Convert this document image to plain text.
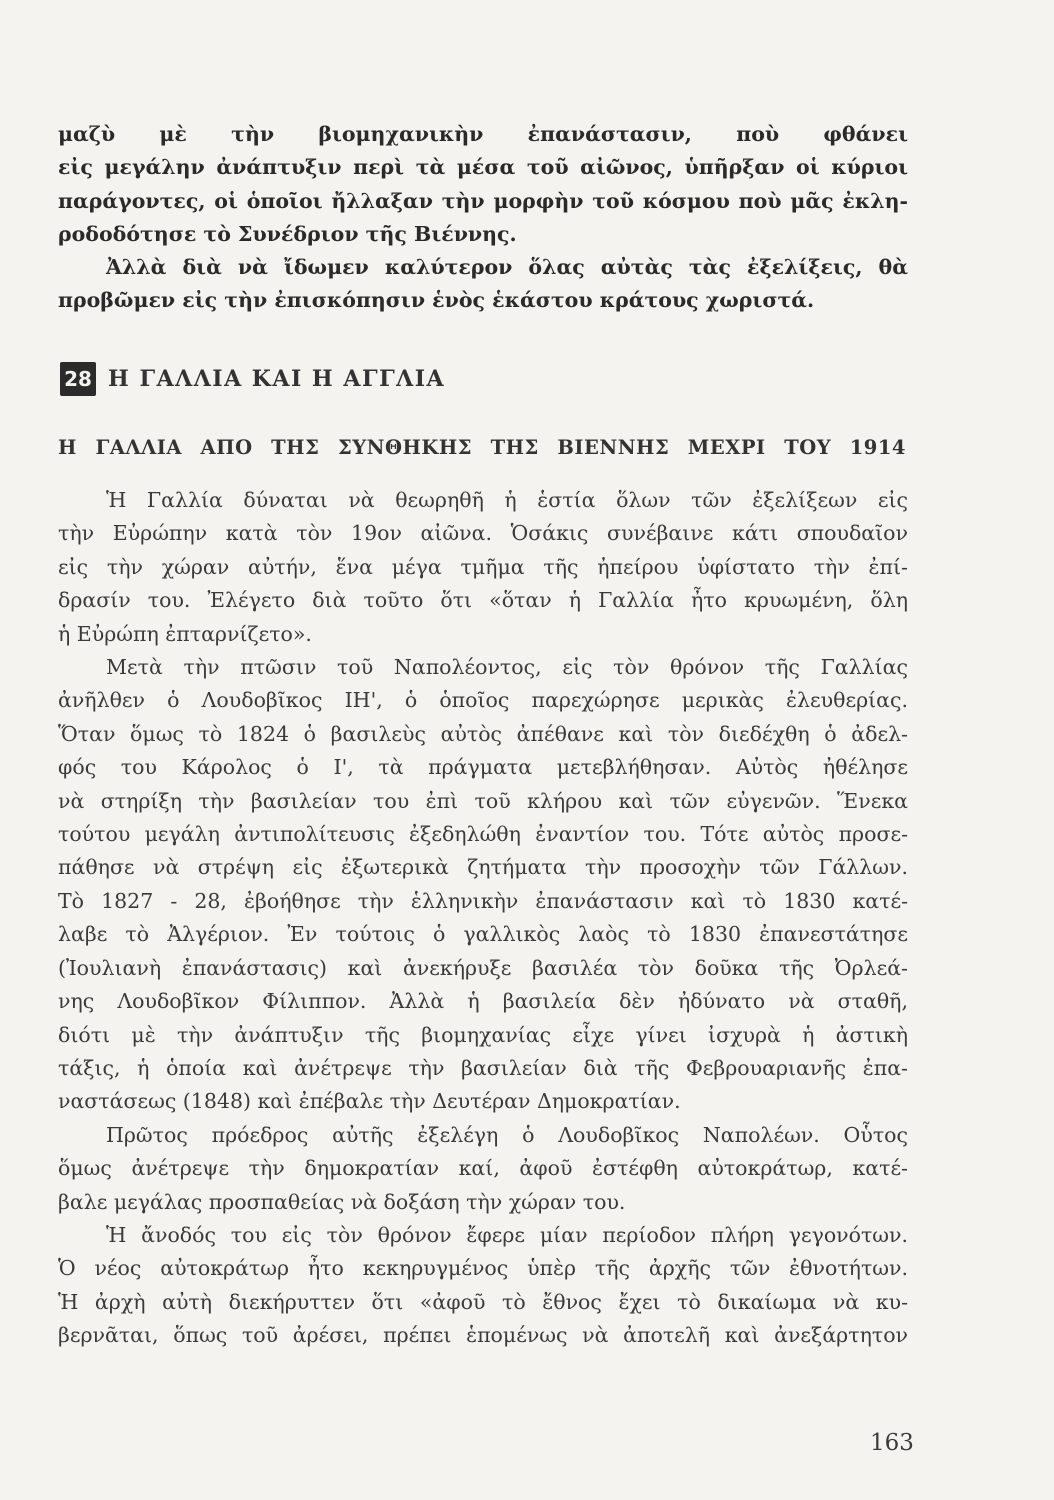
μαζὺ μὲ τὴν βιομηχανικὴν ἐπανάστασιν, ποὺ φθάνει
εἰς μεγάλην ἀνάπτυξιν περὶ τὰ μέσα τοῦ αἰῶνος, ὑπῆρξαν οἱ κύριοι
παράγοντες, οἱ ὁποῖοι ἤλλαξαν τὴν μορφὴν τοῦ κόσμου ποὺ μᾶς ἐκλη-
ροδοδότησε τὸ Συνέδριον τῆς Βιέννης.
Ἀλλὰ διὰ νὰ ἴδωμεν καλύτερον ὅλας αὐτὰς τὰς ἐξελίξεις, θὰ
προβῶμεν εἰς τὴν ἐπισκόπησιν ἑνὸς ἑκάστου κράτους χωριστά.
28 Η ΓΑΛΛΙΑ ΚΑΙ Η ΑΓΓΛΙΑ
Η ΓΑΛΛΙΑ ΑΠΟ ΤΗΣ ΣΥΝΘΗΚΗΣ ΤΗΣ ΒΙΕΝΝΗΣ ΜΕΧΡΙ ΤΟΥ 1914
Ἡ Γαλλία δύναται νὰ θεωρηθῆ ἡ ἑστία ὅλων τῶν ἐξελίξεων εἰς
τὴν Εὐρώπην κατὰ τὸν 19ον αἰῶνα. Ὁσάκις συνέβαινε κάτι σπουδαῖον
εἰς τὴν χώραν αὐτήν, ἕνα μέγα τμῆμα τῆς ἠπείρου ὑφίστατο τὴν ἐπί-
δρασίν του. Ἐλέγετο διὰ τοῦτο ὅτι «ὅταν ἡ Γαλλία ἦτο κρυωμένη, ὅλη
ἡ Εὐρώπη ἐπταρνίζετο».
Μετὰ τὴν πτῶσιν τοῦ Ναπολέοντος, εἰς τὸν θρόνον τῆς Γαλλίας
ἀνῆλθεν ὁ Λουδοβῖκος ΙΗ', ὁ ὁποῖος παρεχώρησε μερικὰς ἐλευθερίας.
Ὅταν ὅμως τὸ 1824 ὁ βασιλεὺς αὐτὸς ἀπέθανε καὶ τὸν διεδέχθη ὁ ἀδελ-
φός του Κάρολος ὁ Ι', τὰ πράγματα μετεβλήθησαν. Αὐτὸς ἠθέλησε
νὰ στηρίξη τὴν βασιλείαν του ἐπὶ τοῦ κλήρου καὶ τῶν εὐγενῶν. Ἕνεκα
τούτου μεγάλη ἀντιπολίτευσις ἐξεδηλώθη ἐναντίον του. Τότε αὐτὸς προσε-
πάθησε νὰ στρέψη εἰς ἐξωτερικὰ ζητήματα τὴν προσοχὴν τῶν Γάλλων.
Τὸ 1827 - 28, ἐβοήθησε τὴν ἑλληνικὴν ἐπανάστασιν καὶ τὸ 1830 κατέ-
λαβε τὸ Ἀλγέριον. Ἐν τούτοις ὁ γαλλικὸς λαὸς τὸ 1830 ἐπανεστάτησε
(Ἰουλιανὴ ἐπανάστασις) καὶ ἀνεκήρυξε βασιλέα τὸν δοῦκα τῆς Ὀρλεά-
νης Λουδοβῖκον Φίλιππον. Ἀλλὰ ἡ βασιλεία δὲν ἠδύνατο νὰ σταθῆ,
διότι μὲ τὴν ἀνάπτυξιν τῆς βιομηχανίας εἶχε γίνει ἰσχυρὰ ἡ ἀστικὴ
τάξις, ἡ ὁποία καὶ ἀνέτρεψε τὴν βασιλείαν διὰ τῆς Φεβρουαριανῆς ἐπα-
ναστάσεως (1848) καὶ ἐπέβαλε τὴν Δευτέραν Δημοκρατίαν.
Πρῶτος πρόεδρος αὐτῆς ἐξελέγη ὁ Λουδοβῖκος Ναπολέων. Οὗτος
ὅμως ἀνέτρεψε τὴν δημοκρατίαν καί, ἀφοῦ ἐστέφθη αὐτοκράτωρ, κατέ-
βαλε μεγάλας προσπαθείας νὰ δοξάση τὴν χώραν του.
Ἡ ἄνοδός του εἰς τὸν θρόνον ἔφερε μίαν περίοδον πλήρη γεγονότων.
Ὁ νέος αὐτοκράτωρ ἦτο κεκηρυγμένος ὑπὲρ τῆς ἀρχῆς τῶν ἐθνοτήτων.
Ἡ ἀρχὴ αὐτὴ διεκήρυττεν ὅτι «ἀφοῦ τὸ ἔθνος ἔχει τὸ δικαίωμα νὰ κυ-
βερνᾶται, ὅπως τοῦ ἀρέσει, πρέπει ἑπομένως νὰ ἀποτελῆ καὶ ἀνεξάρτητον
163
